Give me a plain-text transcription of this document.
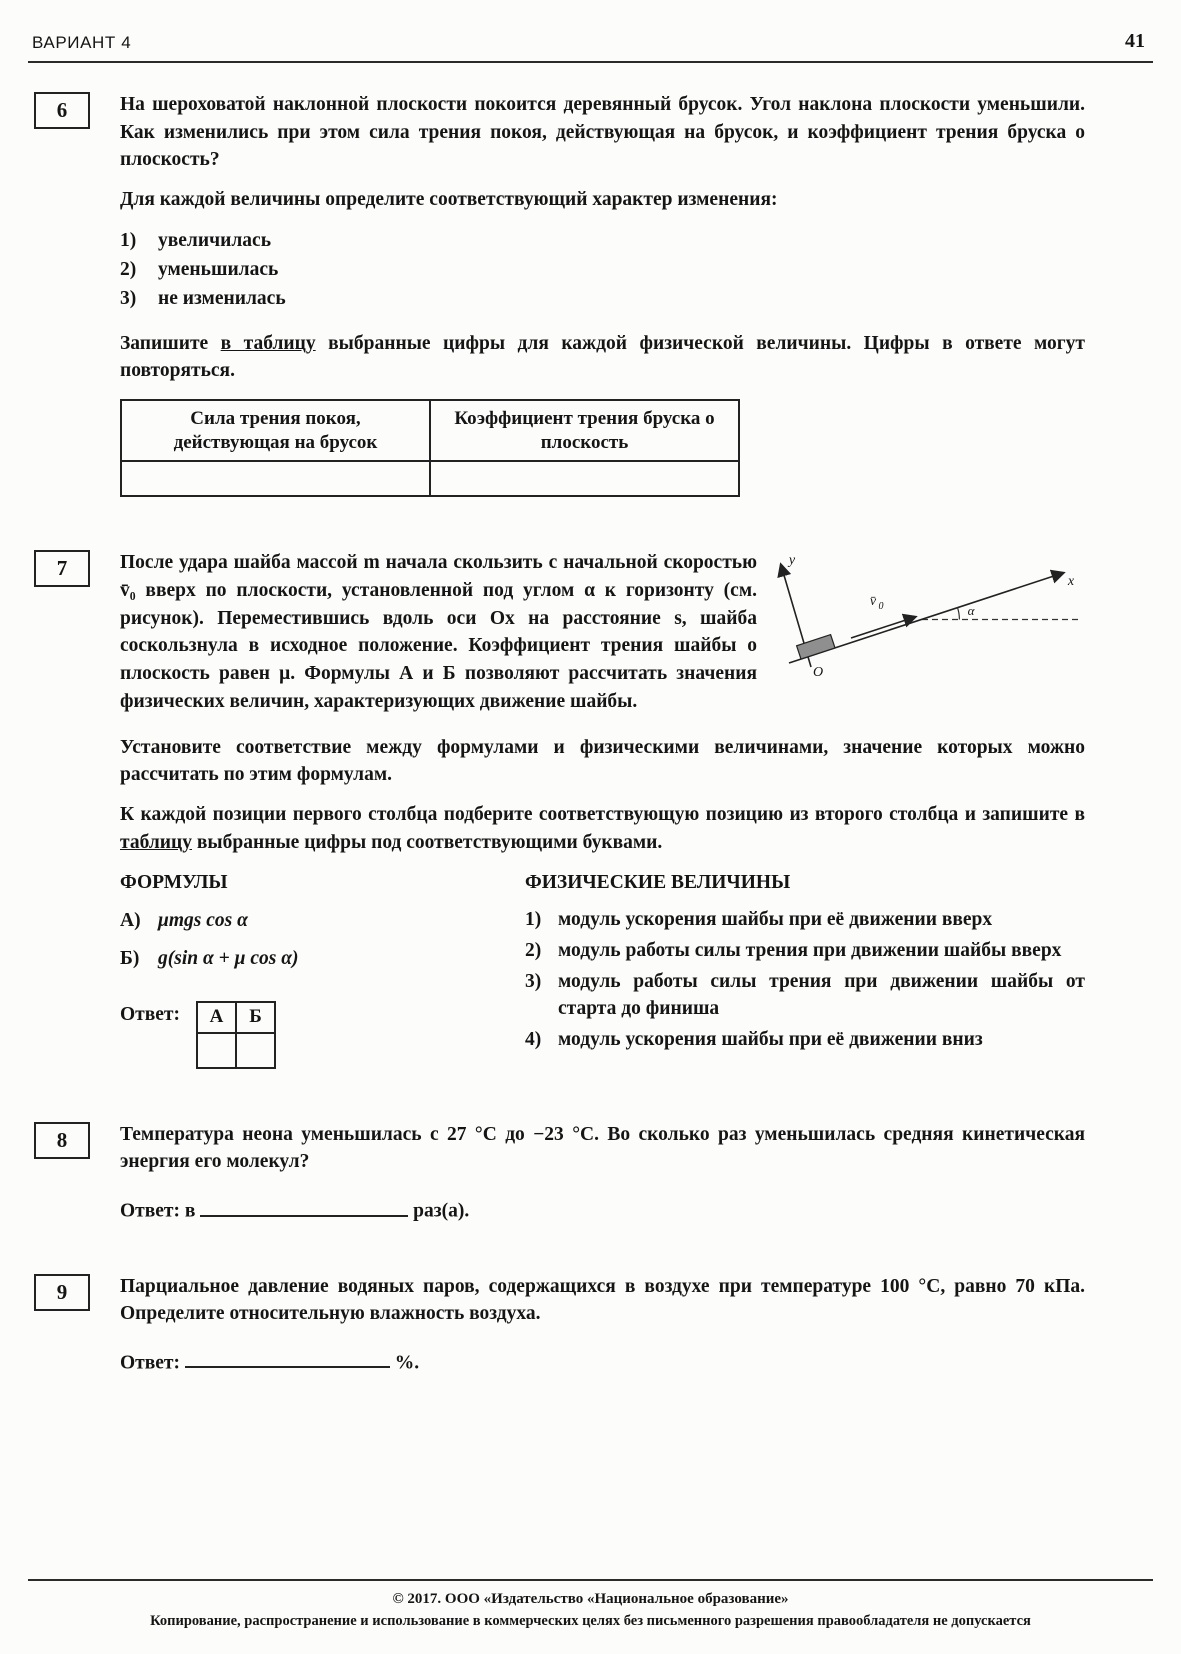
ВАРИАНТ 4	41
6	На шероховатой наклонной плоскости покоится деревянный брусок. Угол наклона плоскости уменьшили. Как изменились при этом сила трения покоя, действующая на брусок, и коэффициент трения бруска о плоскость?

Для каждой величины определите соответствующий характер изменения:

1)	увеличилась
2)	уменьшилась
3)	не изменилась

Запишите в таблицу выбранные цифры для каждой физической величины. Цифры в ответе могут повторяться.

Сила трения покоя, действующая на брусок	Коэффициент трения бруска о плоскость

7	y
x
v̄ 0	α
O

После удара шайба массой m начала скользить с начальной скоростью v̄₀ вверх по плоскости, установленной под углом α к горизонту (см. рисунок). Переместившись вдоль оси Ox на расстояние s, шайба соскользнула в исходное положение. Коэффициент трения шайбы о плоскость равен μ. Формулы А и Б позволяют рассчитать значения физических величин, характеризующих движение шайбы.

Установите соответствие между формулами и физическими величинами, значение которых можно рассчитать по этим формулам.

К каждой позиции первого столбца подберите соответствующую позицию из второго столбца и запишите в таблицу выбранные цифры под соответствующими буквами.

ФОРМУЛЫ
А) μmgs cos α
Б) g(sin α + μ cos α)
Ответ: А	Б

ФИЗИЧЕСКИЕ ВЕЛИЧИНЫ
1) модуль ускорения шайбы при её движении вверх
2) модуль работы силы трения при движении шайбы вверх
3) модуль работы силы трения при движении шайбы от старта до финиша
4) модуль ускорения шайбы при её движении вниз
8	Температура неона уменьшилась с 27 °С до −23 °С. Во сколько раз уменьшилась средняя кинетическая энергия его молекул?

Ответ: в	раз(а).
9	Парциальное давление водяных паров, содержащихся в воздухе при температуре 100 °С, равно 70 кПа. Определите относительную влажность воздуха.

Ответ:	%.
© 2017. ООО «Издательство «Национальное образование»
Копирование, распространение и использование в коммерческих целях без письменного разрешения правообладателя не допускается
